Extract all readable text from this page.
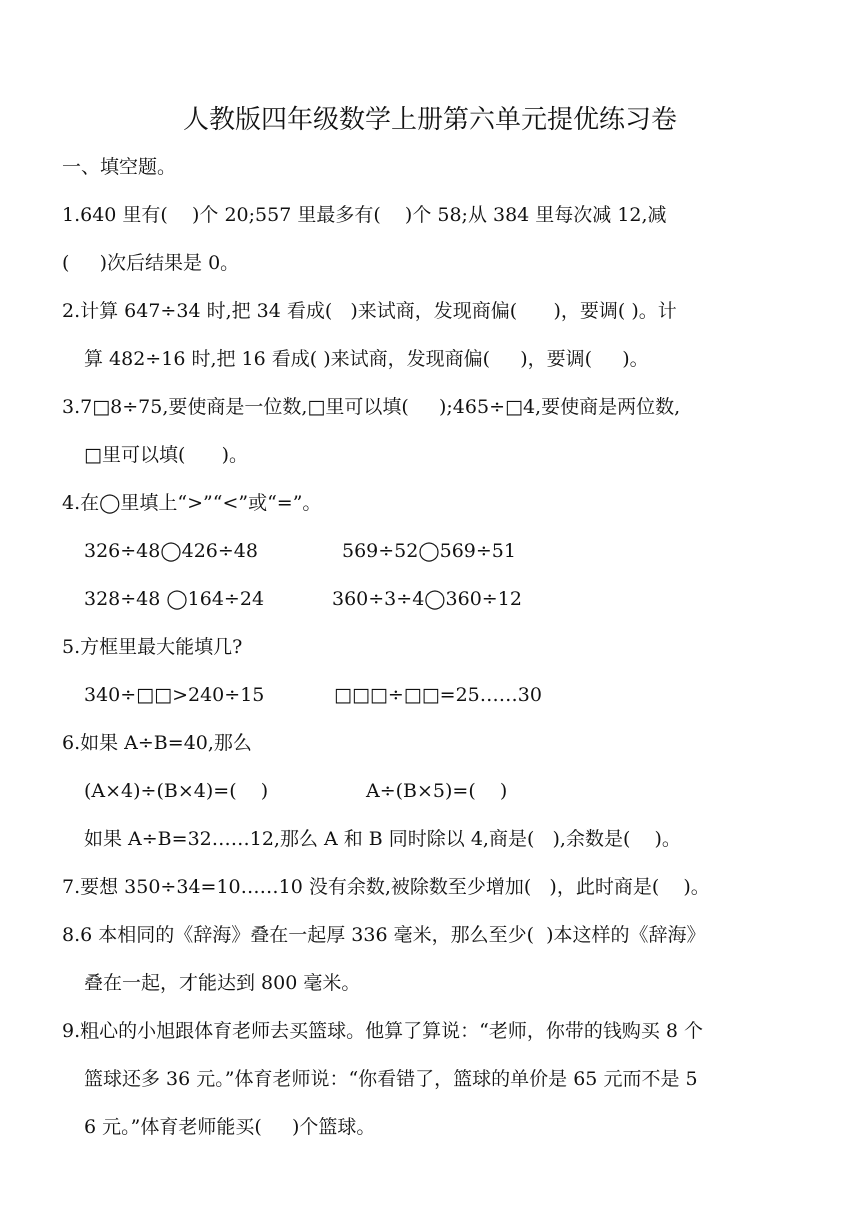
人教版四年级数学上册第六单元提优练习卷
一、填空题。
1.640 里有(    )个 20;557 里最多有(    )个 58;从 384 里每次减 12,减
(     )次后结果是 0。
2.计算 647÷34 时,把 34 看成(   )来试商，发现商偏(      )，要调( )。计
算 482÷16 时,把 16 看成( )来试商，发现商偏(     )，要调(     )。
3.7□8÷75,要使商是一位数,□里可以填(     );465÷□4,要使商是两位数,
□里可以填(      )。
4.在◯里填上“>”“<”或“=”。
326÷48◯426÷48	569÷52◯569÷51
328÷48 ◯164÷24	360÷3÷4◯360÷12
5.方框里最大能填几?
340÷□□>240÷15	□□□÷□□=25……30
6.如果 A÷B=40,那么
(A×4)÷(B×4)=(    )	A÷(B×5)=(    )
如果 A÷B=32……12,那么 A 和 B 同时除以 4,商是(   ),余数是(    )。
7.要想 350÷34=10……10 没有余数,被除数至少增加(   )，此时商是(    )。
8.6 本相同的《辞海》叠在一起厚 336 毫米，那么至少(  )本这样的《辞海》
叠在一起，才能达到 800 毫米。
9.粗心的小旭跟体育老师去买篮球。他算了算说：“老师，你带的钱购买 8 个
篮球还多 36 元。”体育老师说：“你看错了，篮球的单价是 65 元而不是 5
6 元。”体育老师能买(     )个篮球。
